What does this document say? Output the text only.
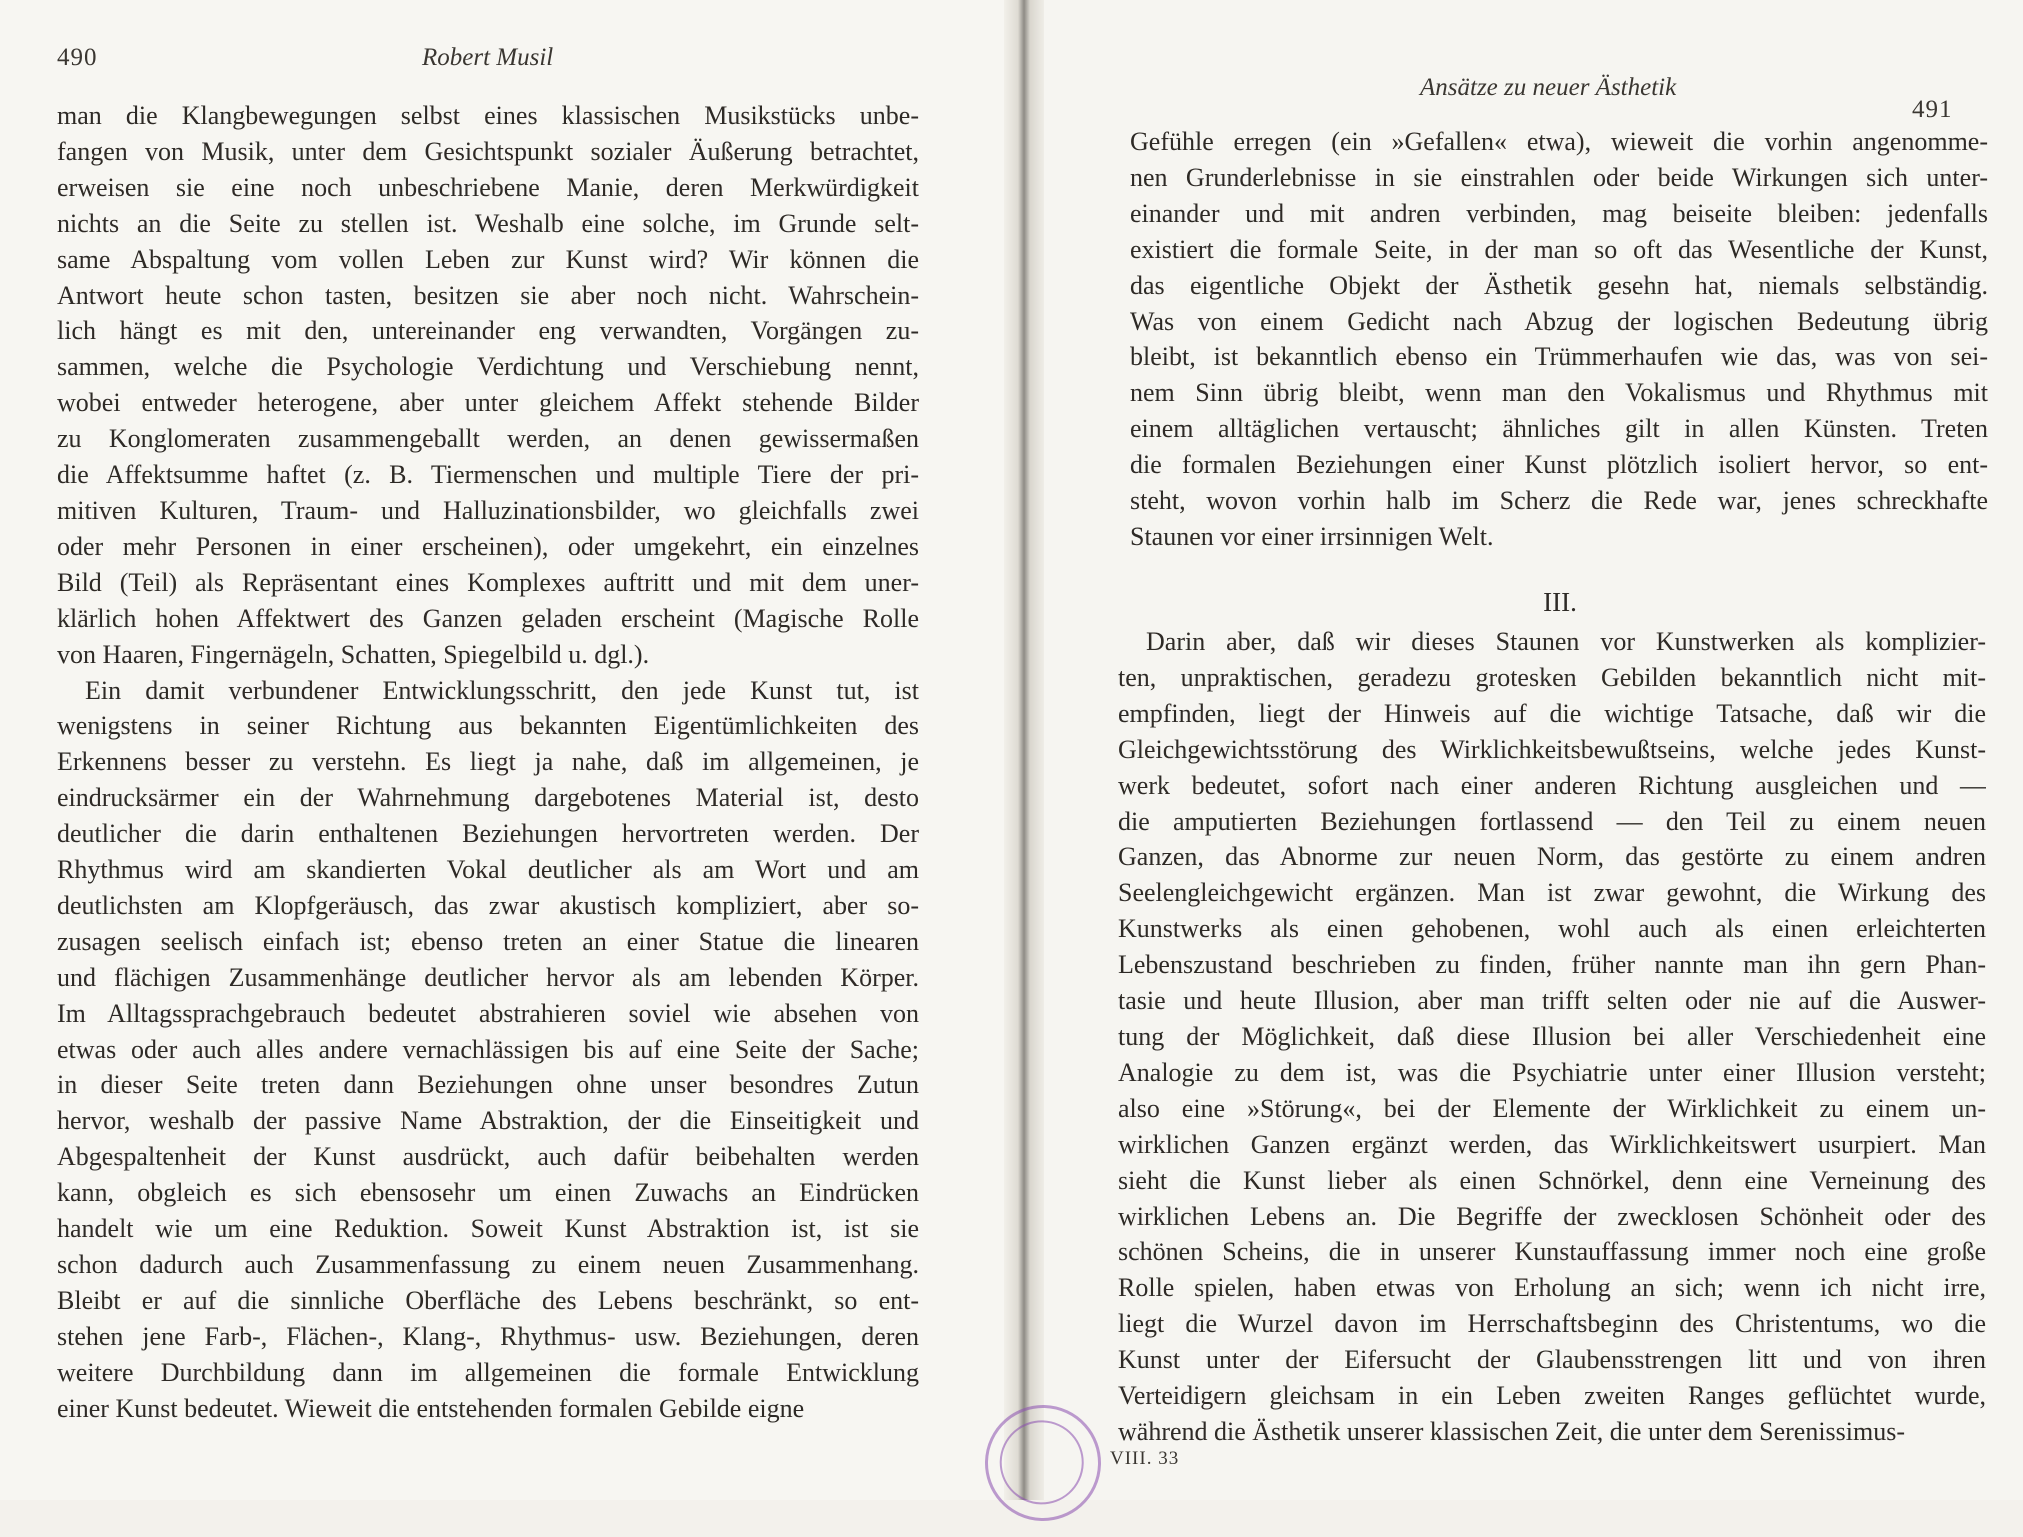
490	Robert Musil
man die Klangbewegungen selbst eines klassischen Musikstücks unbe-
fangen von Musik, unter dem Gesichtspunkt sozialer Äußerung betrachtet,
erweisen sie eine noch unbeschriebene Manie, deren Merkwürdigkeit
nichts an die Seite zu stellen ist. Weshalb eine solche, im Grunde selt-
same Abspaltung vom vollen Leben zur Kunst wird? Wir können die
Antwort heute schon tasten, besitzen sie aber noch nicht. Wahrschein-
lich hängt es mit den, untereinander eng verwandten, Vorgängen zu-
sammen, welche die Psychologie Verdichtung und Verschiebung nennt,
wobei entweder heterogene, aber unter gleichem Affekt stehende Bilder
zu Konglomeraten zusammengeballt werden, an denen gewissermaßen
die Affektsumme haftet (z. B. Tiermenschen und multiple Tiere der pri-
mitiven Kulturen, Traum- und Halluzinationsbilder, wo gleichfalls zwei
oder mehr Personen in einer erscheinen), oder umgekehrt, ein einzelnes
Bild (Teil) als Repräsentant eines Komplexes auftritt und mit dem uner-
klärlich hohen Affektwert des Ganzen geladen erscheint (Magische Rolle
von Haaren, Fingernägeln, Schatten, Spiegelbild u. dgl.).
Ein damit verbundener Entwicklungsschritt, den jede Kunst tut, ist
wenigstens in seiner Richtung aus bekannten Eigentümlichkeiten des
Erkennens besser zu verstehn. Es liegt ja nahe, daß im allgemeinen, je
eindrucksärmer ein der Wahrnehmung dargebotenes Material ist, desto
deutlicher die darin enthaltenen Beziehungen hervortreten werden. Der
Rhythmus wird am skandierten Vokal deutlicher als am Wort und am
deutlichsten am Klopfgeräusch, das zwar akustisch kompliziert, aber so-
zusagen seelisch einfach ist; ebenso treten an einer Statue die linearen
und flächigen Zusammenhänge deutlicher hervor als am lebenden Körper.
Im Alltagssprachgebrauch bedeutet abstrahieren soviel wie absehen von
etwas oder auch alles andere vernachlässigen bis auf eine Seite der Sache;
in dieser Seite treten dann Beziehungen ohne unser besondres Zutun
hervor, weshalb der passive Name Abstraktion, der die Einseitigkeit und
Abgespaltenheit der Kunst ausdrückt, auch dafür beibehalten werden
kann, obgleich es sich ebensosehr um einen Zuwachs an Eindrücken
handelt wie um eine Reduktion. Soweit Kunst Abstraktion ist, ist sie
schon dadurch auch Zusammenfassung zu einem neuen Zusammenhang.
Bleibt er auf die sinnliche Oberfläche des Lebens beschränkt, so ent-
stehen jene Farb-, Flächen-, Klang-, Rhythmus- usw. Beziehungen, deren
weitere Durchbildung dann im allgemeinen die formale Entwicklung
einer Kunst bedeutet. Wieweit die entstehenden formalen Gebilde eigne
Ansätze zu neuer Ästhetik
491
Gefühle erregen (ein »Gefallen« etwa), wieweit die vorhin angenomme-
nen Grunderlebnisse in sie einstrahlen oder beide Wirkungen sich unter-
einander und mit andren verbinden, mag beiseite bleiben: jedenfalls
existiert die formale Seite, in der man so oft das Wesentliche der Kunst,
das eigentliche Objekt der Ästhetik gesehn hat, niemals selbständig.
Was von einem Gedicht nach Abzug der logischen Bedeutung übrig
bleibt, ist bekanntlich ebenso ein Trümmerhaufen wie das, was von sei-
nem Sinn übrig bleibt, wenn man den Vokalismus und Rhythmus mit
einem alltäglichen vertauscht; ähnliches gilt in allen Künsten. Treten
die formalen Beziehungen einer Kunst plötzlich isoliert hervor, so ent-
steht, wovon vorhin halb im Scherz die Rede war, jenes schreckhafte
Staunen vor einer irrsinnigen Welt.
III.
Darin aber, daß wir dieses Staunen vor Kunstwerken als komplizier-
ten, unpraktischen, geradezu grotesken Gebilden bekanntlich nicht mit-
empfinden, liegt der Hinweis auf die wichtige Tatsache, daß wir die
Gleichgewichtsstörung des Wirklichkeitsbewußtseins, welche jedes Kunst-
werk bedeutet, sofort nach einer anderen Richtung ausgleichen und —
die amputierten Beziehungen fortlassend — den Teil zu einem neuen
Ganzen, das Abnorme zur neuen Norm, das gestörte zu einem andren
Seelengleichgewicht ergänzen. Man ist zwar gewohnt, die Wirkung des
Kunstwerks als einen gehobenen, wohl auch als einen erleichterten
Lebenszustand beschrieben zu finden, früher nannte man ihn gern Phan-
tasie und heute Illusion, aber man trifft selten oder nie auf die Auswer-
tung der Möglichkeit, daß diese Illusion bei aller Verschiedenheit eine
Analogie zu dem ist, was die Psychiatrie unter einer Illusion versteht;
also eine »Störung«, bei der Elemente der Wirklichkeit zu einem un-
wirklichen Ganzen ergänzt werden, das Wirklichkeitswert usurpiert. Man
sieht die Kunst lieber als einen Schnörkel, denn eine Verneinung des
wirklichen Lebens an. Die Begriffe der zwecklosen Schönheit oder des
schönen Scheins, die in unserer Kunstauffassung immer noch eine große
Rolle spielen, haben etwas von Erholung an sich; wenn ich nicht irre,
liegt die Wurzel davon im Herrschaftsbeginn des Christentums, wo die
Kunst unter der Eifersucht der Glaubensstrengen litt und von ihren
Verteidigern gleichsam in ein Leben zweiten Ranges geflüchtet wurde,
während die Ästhetik unserer klassischen Zeit, die unter dem Serenissimus-
VIII. 33
